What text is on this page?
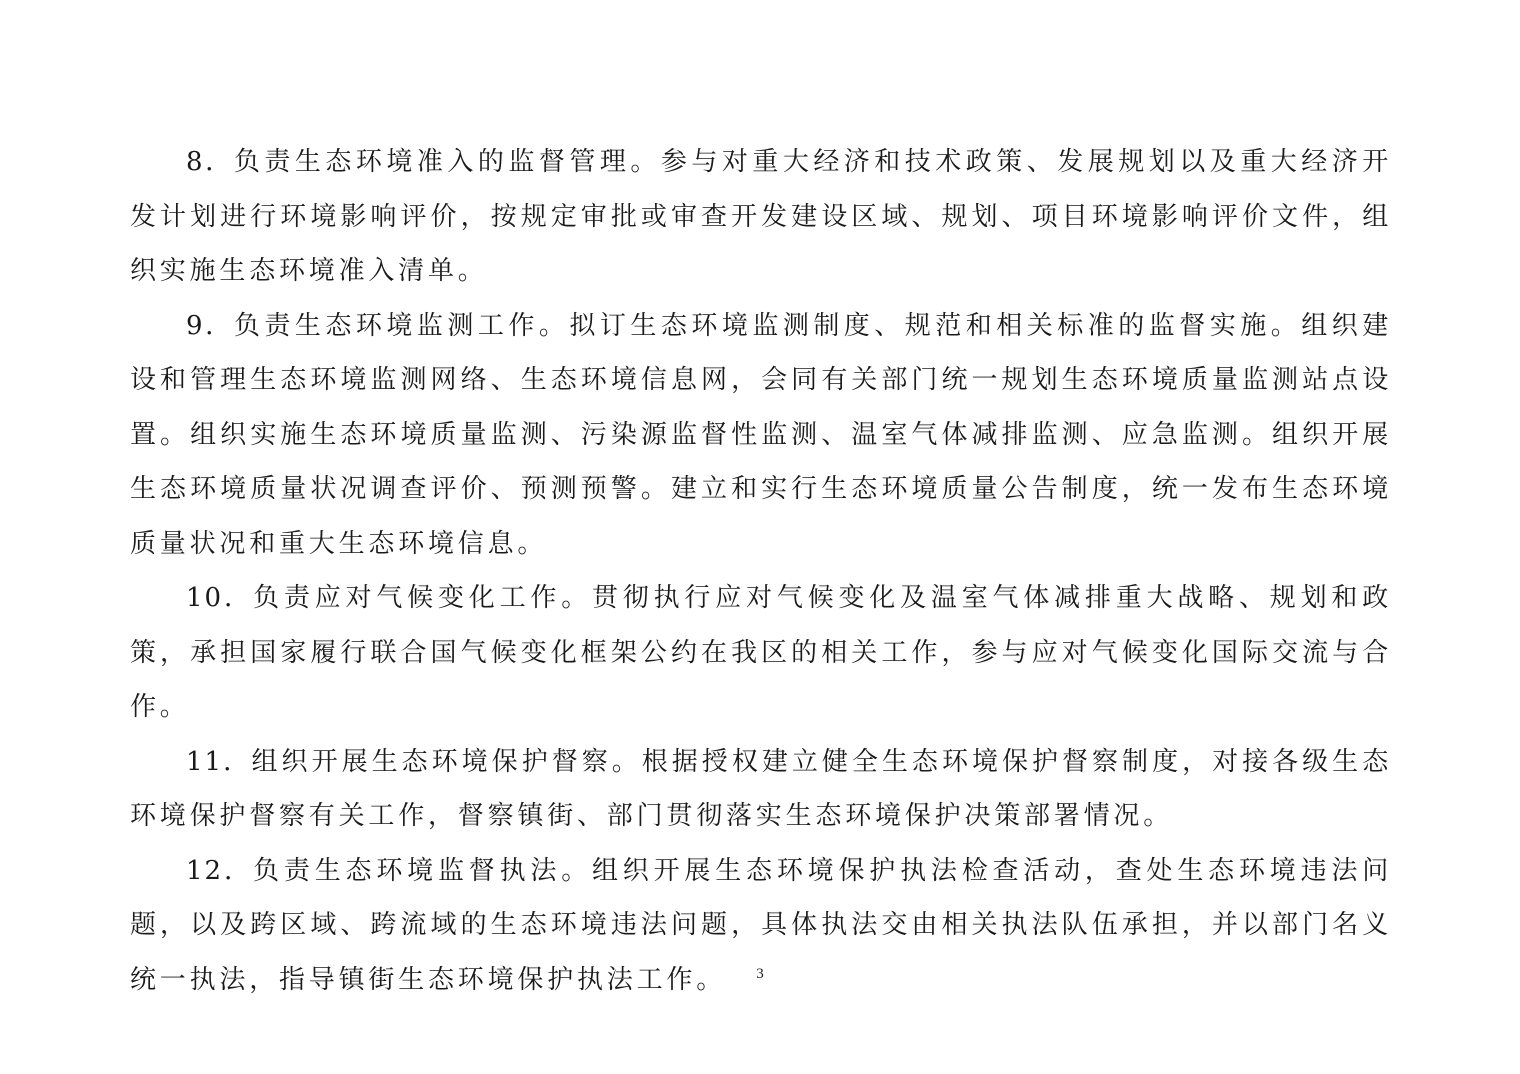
8．负责生态环境准入的监督管理。参与对重大经济和技术政策、发展规划以及重大经济开发计划进行环境影响评价，按规定审批或审查开发建设区域、规划、项目环境影响评价文件，组织实施生态环境准入清单。

9．负责生态环境监测工作。拟订生态环境监测制度、规范和相关标准的监督实施。组织建设和管理生态环境监测网络、生态环境信息网，会同有关部门统一规划生态环境质量监测站点设置。组织实施生态环境质量监测、污染源监督性监测、温室气体减排监测、应急监测。组织开展生态环境质量状况调查评价、预测预警。建立和实行生态环境质量公告制度，统一发布生态环境质量状况和重大生态环境信息。

10．负责应对气候变化工作。贯彻执行应对气候变化及温室气体减排重大战略、规划和政策，承担国家履行联合国气候变化框架公约在我区的相关工作，参与应对气候变化国际交流与合作。

11．组织开展生态环境保护督察。根据授权建立健全生态环境保护督察制度，对接各级生态环境保护督察有关工作，督察镇街、部门贯彻落实生态环境保护决策部署情况。

12．负责生态环境监督执法。组织开展生态环境保护执法检查活动，查处生态环境违法问题，以及跨区域、跨流域的生态环境违法问题，具体执法交由相关执法队伍承担，并以部门名义统一执法，指导镇街生态环境保护执法工作。	3
